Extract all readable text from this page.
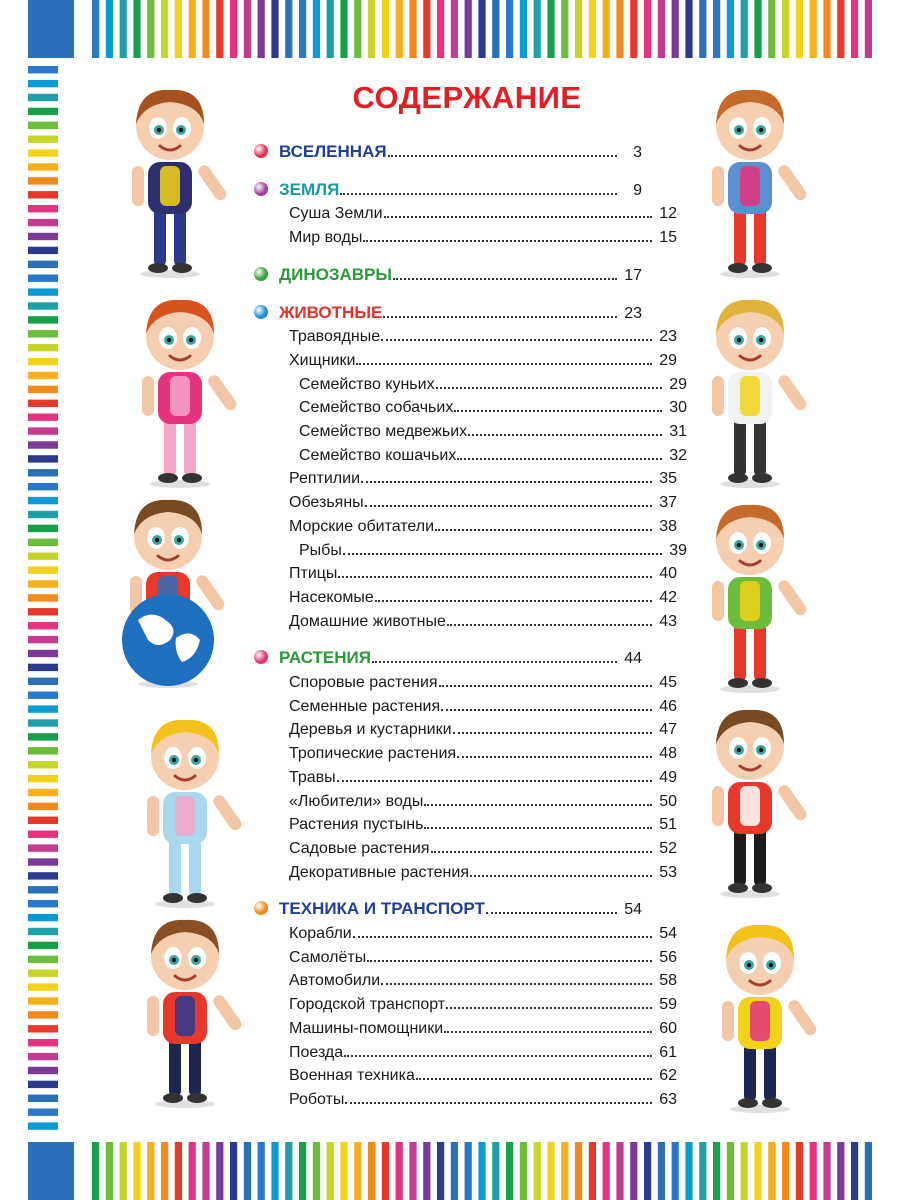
СОДЕРЖАНИЕ
ВСЕЛЕННАЯ	3
ЗЕМЛЯ	9
Суша Земли	12
Мир воды	15
ДИНОЗАВРЫ	17
ЖИВОТНЫЕ	23
Травоядные	23
Хищники	29
Семейство куньих	29
Семейство собачьих	30
Семейство медвежьих	31
Семейство кошачьих	32
Рептилии	35
Обезьяны	37
Морские обитатели	38
Рыбы	39
Птицы	40
Насекомые	42
Домашние животные	43
РАСТЕНИЯ	44
Споровые растения	45
Семенные растения	46
Деревья и кустарники	47
Тропические растения	48
Травы	49
«Любители» воды	50
Растения пустынь	51
Садовые растения	52
Декоративные растения	53
ТЕХНИКА И ТРАНСПОРТ	54
Корабли	54
Самолёты	56
Автомобили	58
Городской транспорт	59
Машины-помощники	60
Поезда	61
Военная техника	62
Роботы	63
